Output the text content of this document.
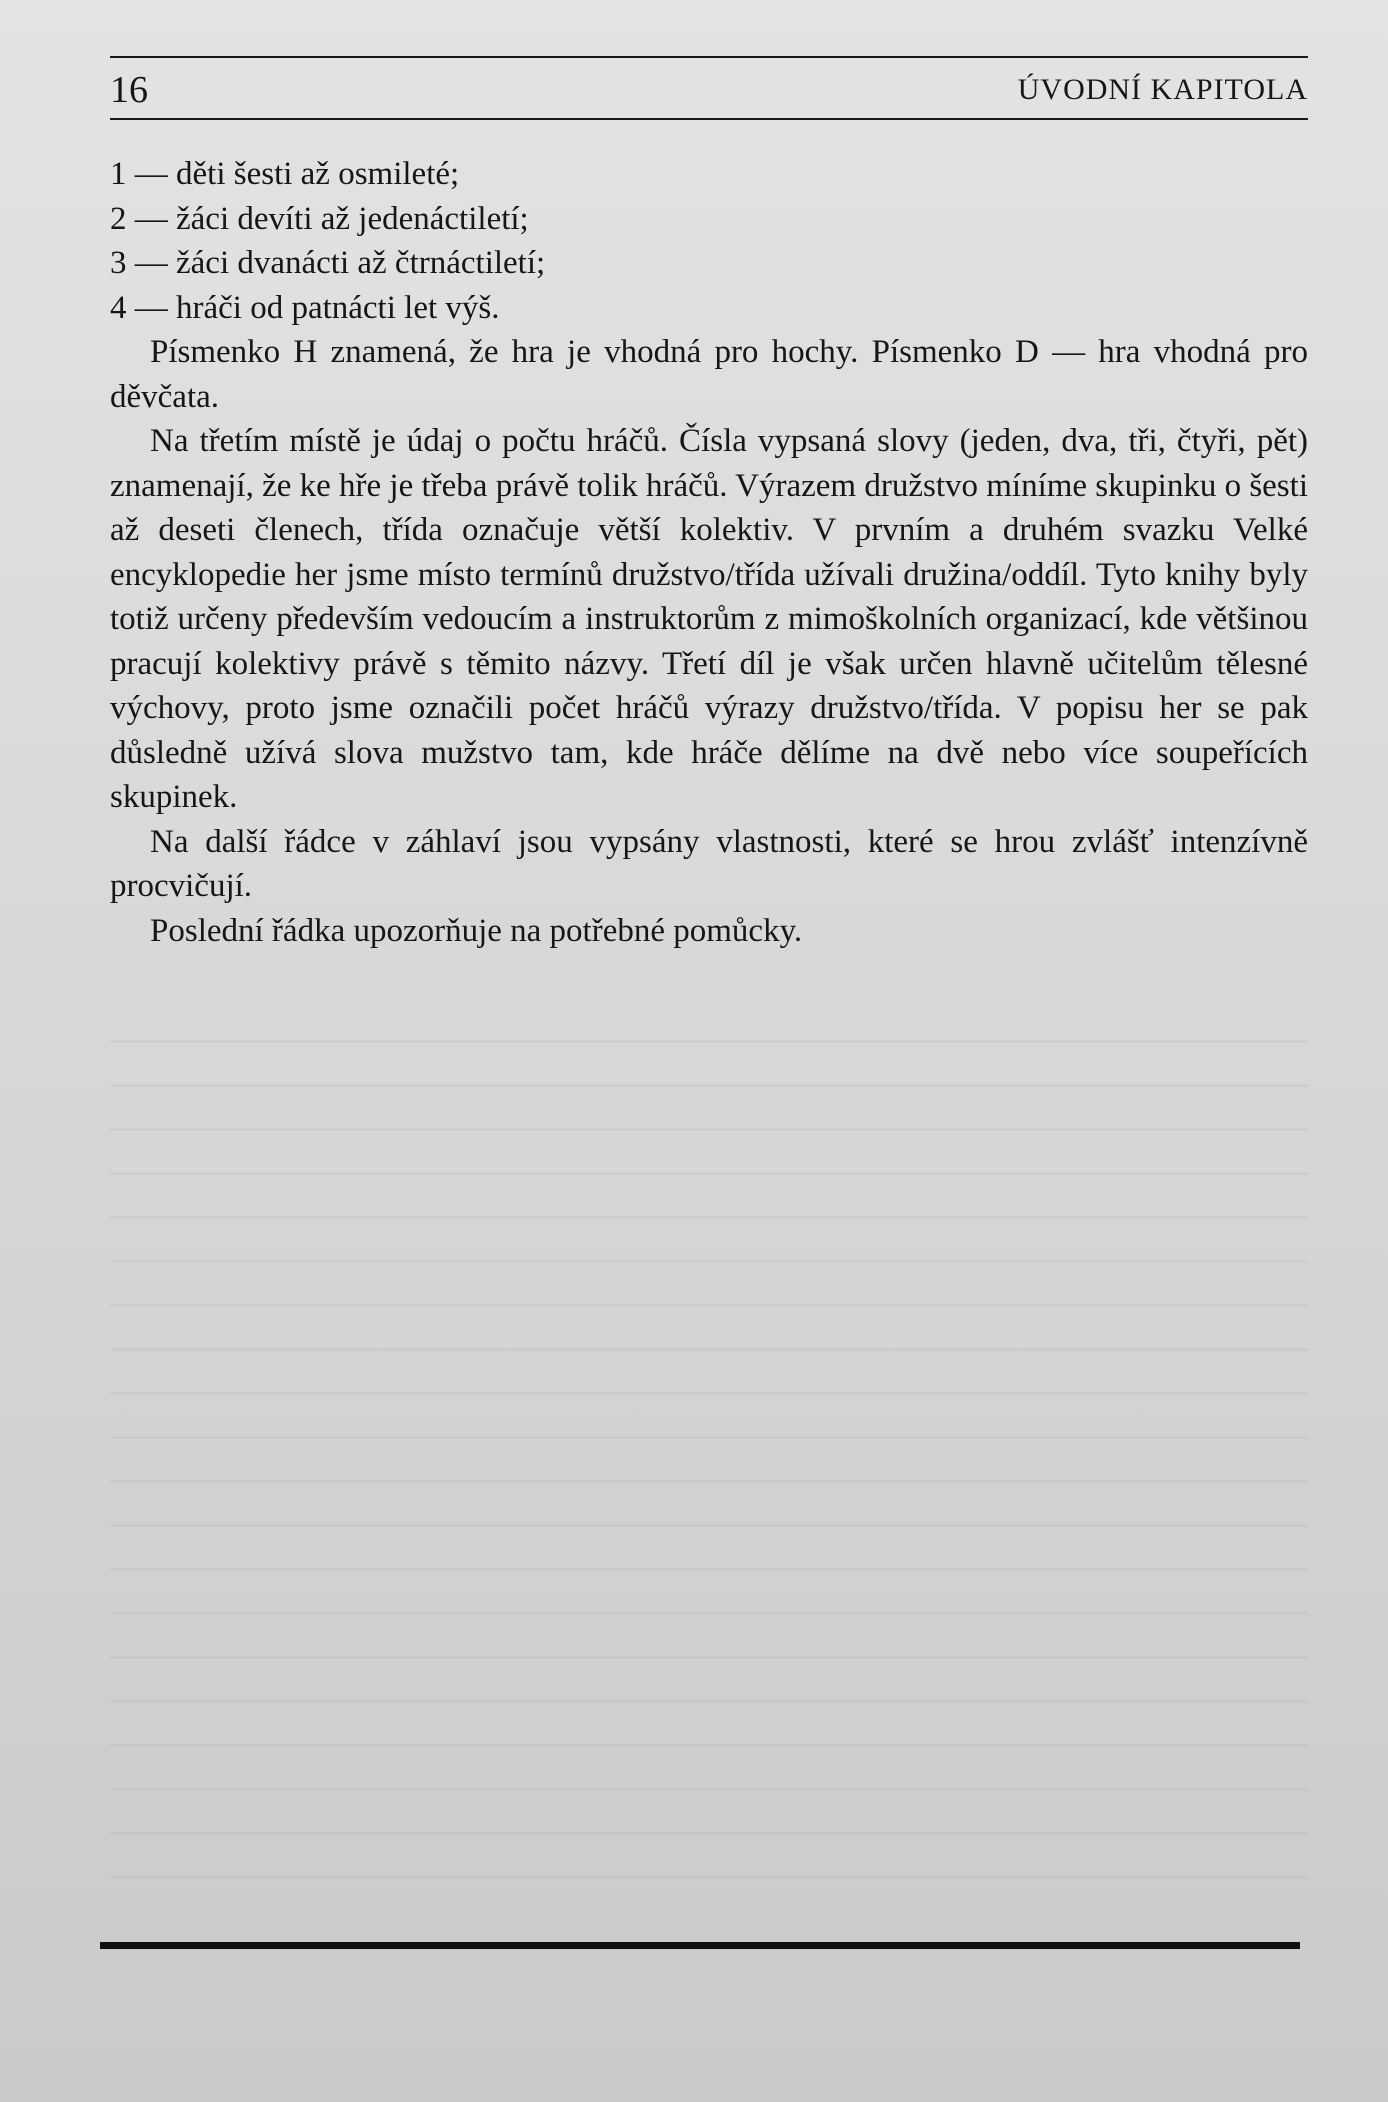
16	ÚVODNÍ KAPITOLA

1 — děti šesti až osmileté;

2 — žáci devíti až jedenáctiletí;

3 — žáci dvanácti až čtrnáctiletí;

4 — hráči od patnácti let výš.

Písmenko H znamená, že hra je vhodná pro hochy. Písmenko D — hra vhodná pro děvčata.

Na třetím místě je údaj o počtu hráčů. Čísla vypsaná slovy (jeden, dva, tři, čtyři, pět) znamenají, že ke hře je třeba právě tolik hráčů. Výrazem družstvo míníme skupinku o šesti až deseti členech, třída označuje větší kolektiv. V prvním a druhém svazku Velké encyklopedie her jsme místo termínů družstvo/třída užívali družina/oddíl. Tyto knihy byly totiž určeny především vedoucím a instruktorům z mimoškolních organizací, kde většinou pracují kolektivy právě s těmito názvy. Třetí díl je však určen hlavně učitelům tělesné výchovy, proto jsme označili počet hráčů výrazy družstvo/třída. V popisu her se pak důsledně užívá slova mužstvo tam, kde hráče dělíme na dvě nebo více soupeřících skupinek.

Na další řádce v záhlaví jsou vypsány vlastnosti, které se hrou zvlášť intenzívně procvičují.

Poslední řádka upozorňuje na potřebné pomůcky.
